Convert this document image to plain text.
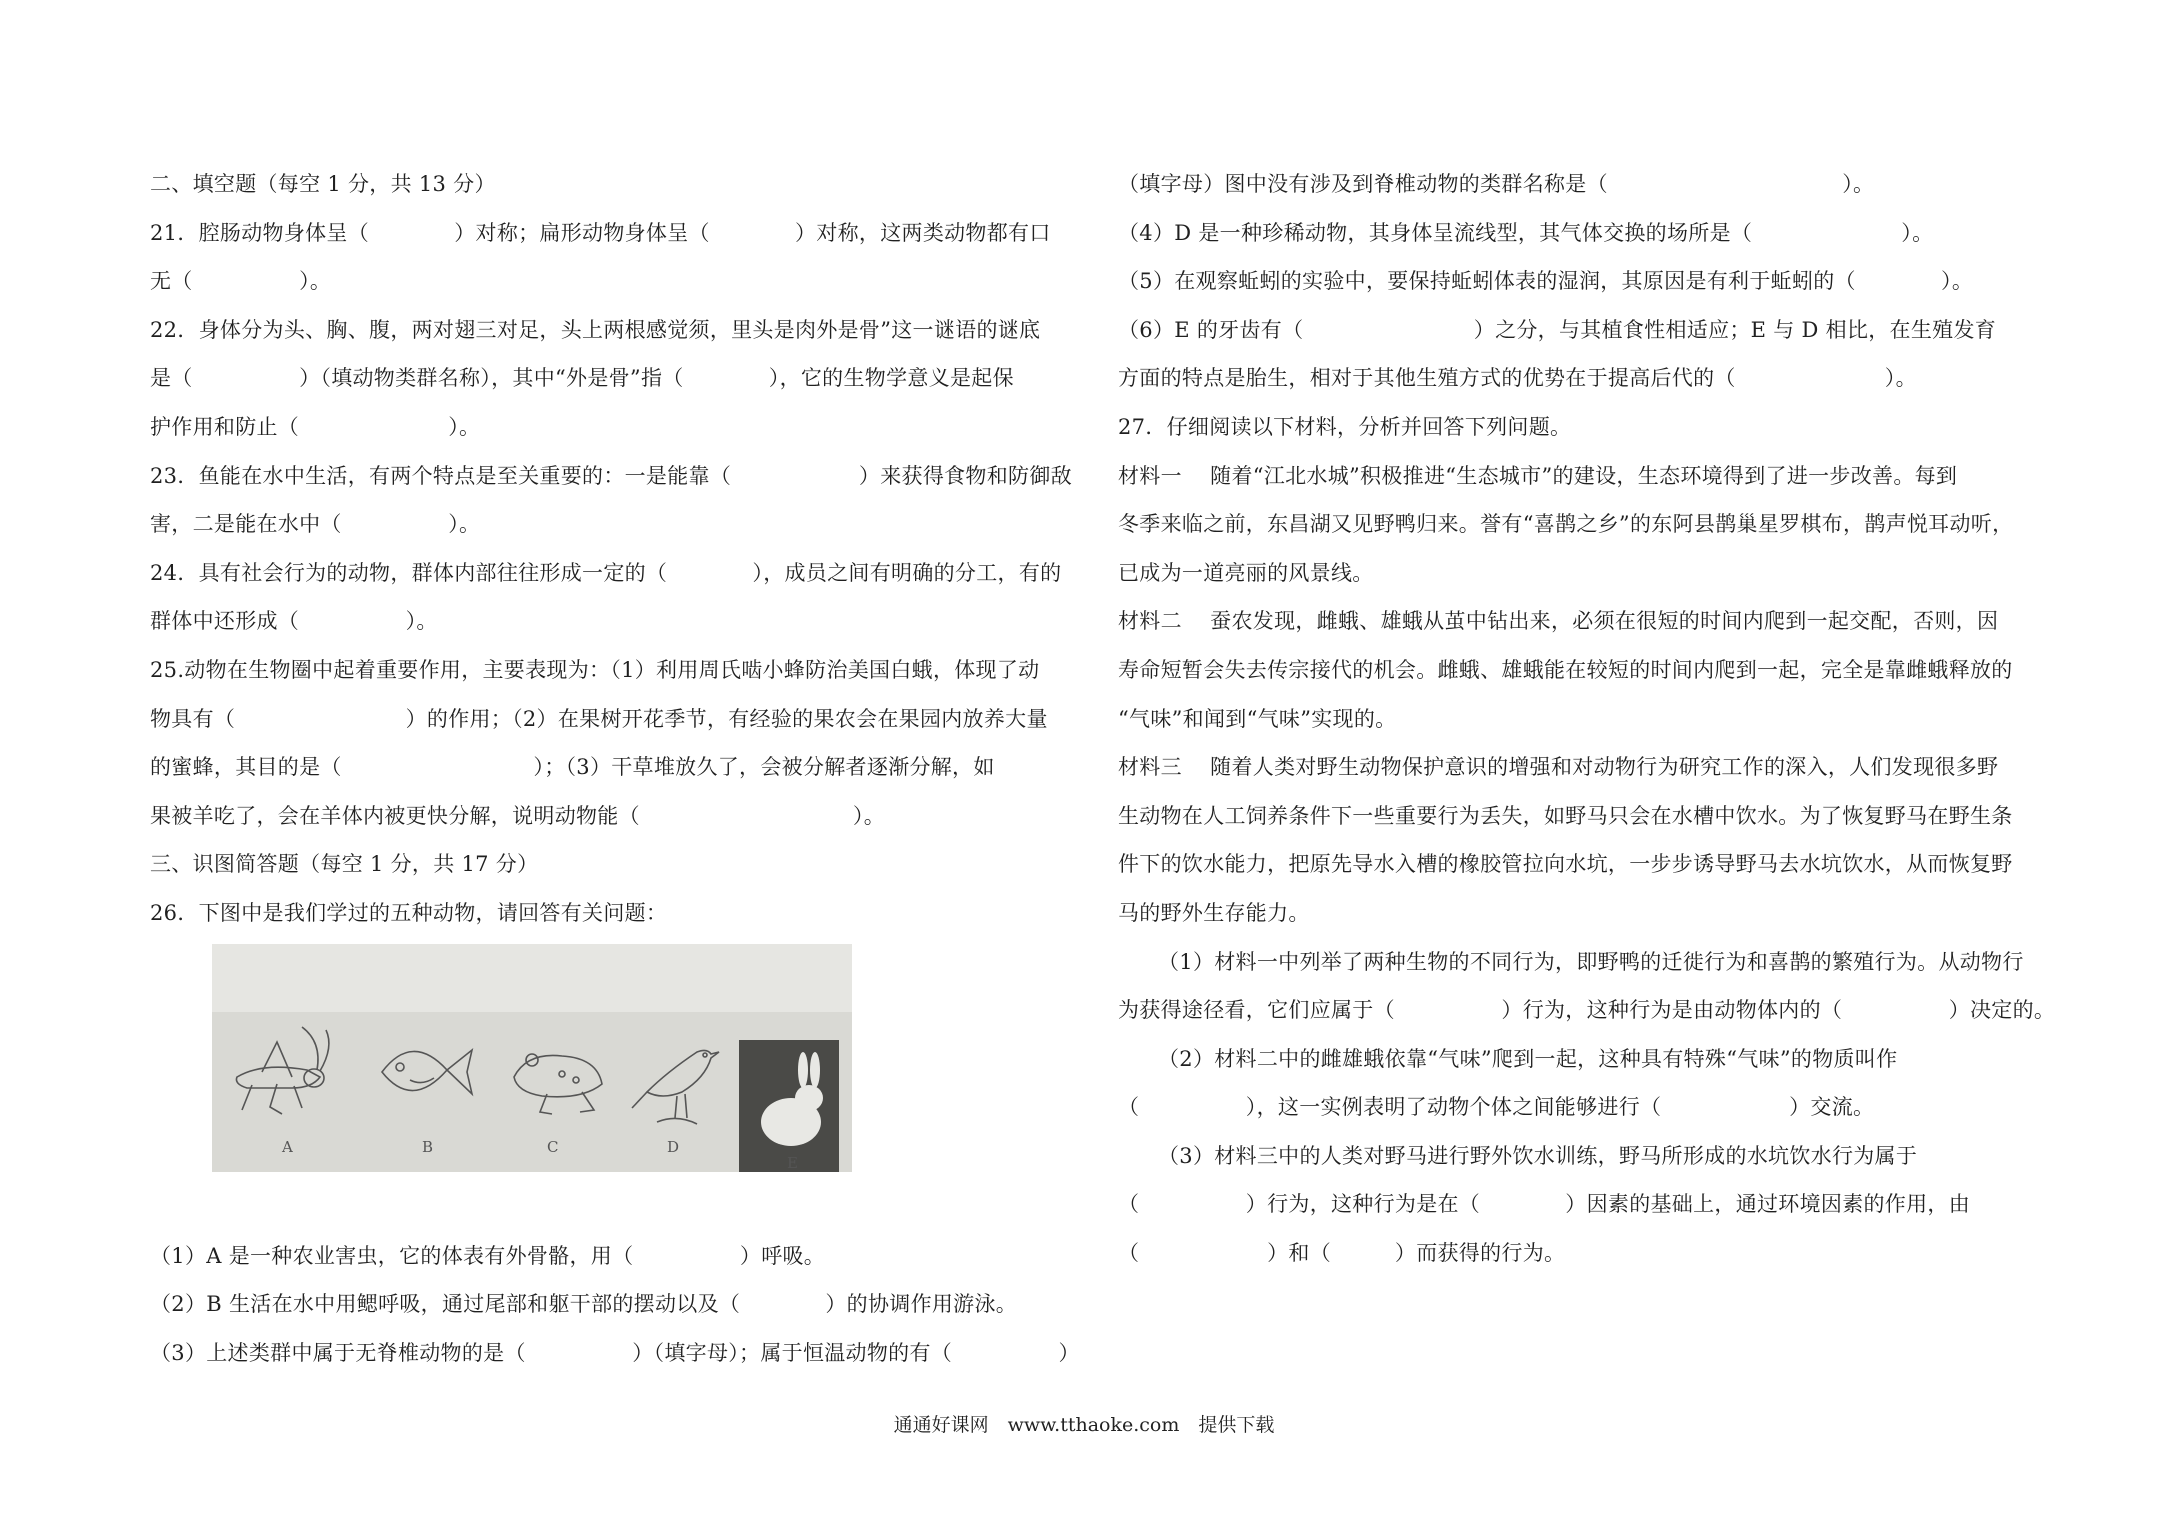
二、填空题（每空 1 分，共 13 分）
21．腔肠动物身体呈（　　　　）对称；扁形动物身体呈（　　　　）对称，这两类动物都有口
无（　　　　　）。
22．身体分为头、胸、腹，两对翅三对足，头上两根感觉须，里头是肉外是骨”这一谜语的谜底
是（　　　　　）（填动物类群名称），其中“外是骨”指（　　　　），它的生物学意义是起保
护作用和防止（　　　　　　　）。
23．鱼能在水中生活，有两个特点是至关重要的：一是能靠（　　　　　　）来获得食物和防御敌
害，二是能在水中（　　　　　）。
24．具有社会行为的动物，群体内部往往形成一定的（　　　　），成员之间有明确的分工，有的
群体中还形成（　　　　　）。
25.动物在生物圈中起着重要作用，主要表现为：（1）利用周氏啮小蜂防治美国白蛾，体现了动
物具有（　　　　　　　　）的作用；（2）在果树开花季节，有经验的果农会在果园内放养大量
的蜜蜂，其目的是（　　　　　　　　　）；（3）干草堆放久了，会被分解者逐渐分解，如
果被羊吃了，会在羊体内被更快分解，说明动物能（　　　　　　　　　　）。
三、识图简答题（每空 1 分，共 17 分）
26．下图中是我们学过的五种动物，请回答有关问题：
A	B	C	D
E
（1）A 是一种农业害虫，它的体表有外骨骼，用（　　　　　）呼吸。
（2）B 生活在水中用鳃呼吸，通过尾部和躯干部的摆动以及（　　　　）的协调作用游泳。
（3）上述类群中属于无脊椎动物的是（　　　　　）（填字母）；属于恒温动物的有（　　　　　）
（填字母）图中没有涉及到脊椎动物的类群名称是（　　　　　　　　　　　）。
（4）D 是一种珍稀动物，其身体呈流线型，其气体交换的场所是（　　　　　　　）。
（5）在观察蚯蚓的实验中，要保持蚯蚓体表的湿润，其原因是有利于蚯蚓的（　　　　）。
（6）E 的牙齿有（　　　　　　　　）之分，与其植食性相适应；E 与 D 相比，在生殖发育
方面的特点是胎生，相对于其他生殖方式的优势在于提高后代的（　　　　　　　）。
27．仔细阅读以下材料，分析并回答下列问题。
材料一　 随着“江北水城”积极推进“生态城市”的建设，生态环境得到了进一步改善。每到
冬季来临之前，东昌湖又见野鸭归来。誉有“喜鹊之乡”的东阿县鹊巢星罗棋布，鹊声悦耳动听，
已成为一道亮丽的风景线。
材料二　 蚕农发现，雌蛾、雄蛾从茧中钻出来，必须在很短的时间内爬到一起交配，否则，因
寿命短暂会失去传宗接代的机会。雌蛾、雄蛾能在较短的时间内爬到一起，完全是靠雌蛾释放的
“气味”和闻到“气味”实现的。
材料三　 随着人类对野生动物保护意识的增强和对动物行为研究工作的深入，人们发现很多野
生动物在人工饲养条件下一些重要行为丢失，如野马只会在水槽中饮水。为了恢复野马在野生条
件下的饮水能力，把原先导水入槽的橡胶管拉向水坑，一步步诱导野马去水坑饮水，从而恢复野
马的野外生存能力。
（1）材料一中列举了两种生物的不同行为，即野鸭的迁徙行为和喜鹊的繁殖行为。从动物行
为获得途径看，它们应属于（　　　　　）行为，这种行为是由动物体内的（　　　　　）决定的。
（2）材料二中的雌雄蛾依靠“气味”爬到一起，这种具有特殊“气味”的物质叫作
（　　　　　），这一实例表明了动物个体之间能够进行（　　　　　　）交流。
（3）材料三中的人类对野马进行野外饮水训练，野马所形成的水坑饮水行为属于
（　　　　　）行为，这种行为是在（　　　　）因素的基础上，通过环境因素的作用，由
（　　　　　　）和（　　　）而获得的行为。
通通好课网　www.tthaoke.com　提供下载
